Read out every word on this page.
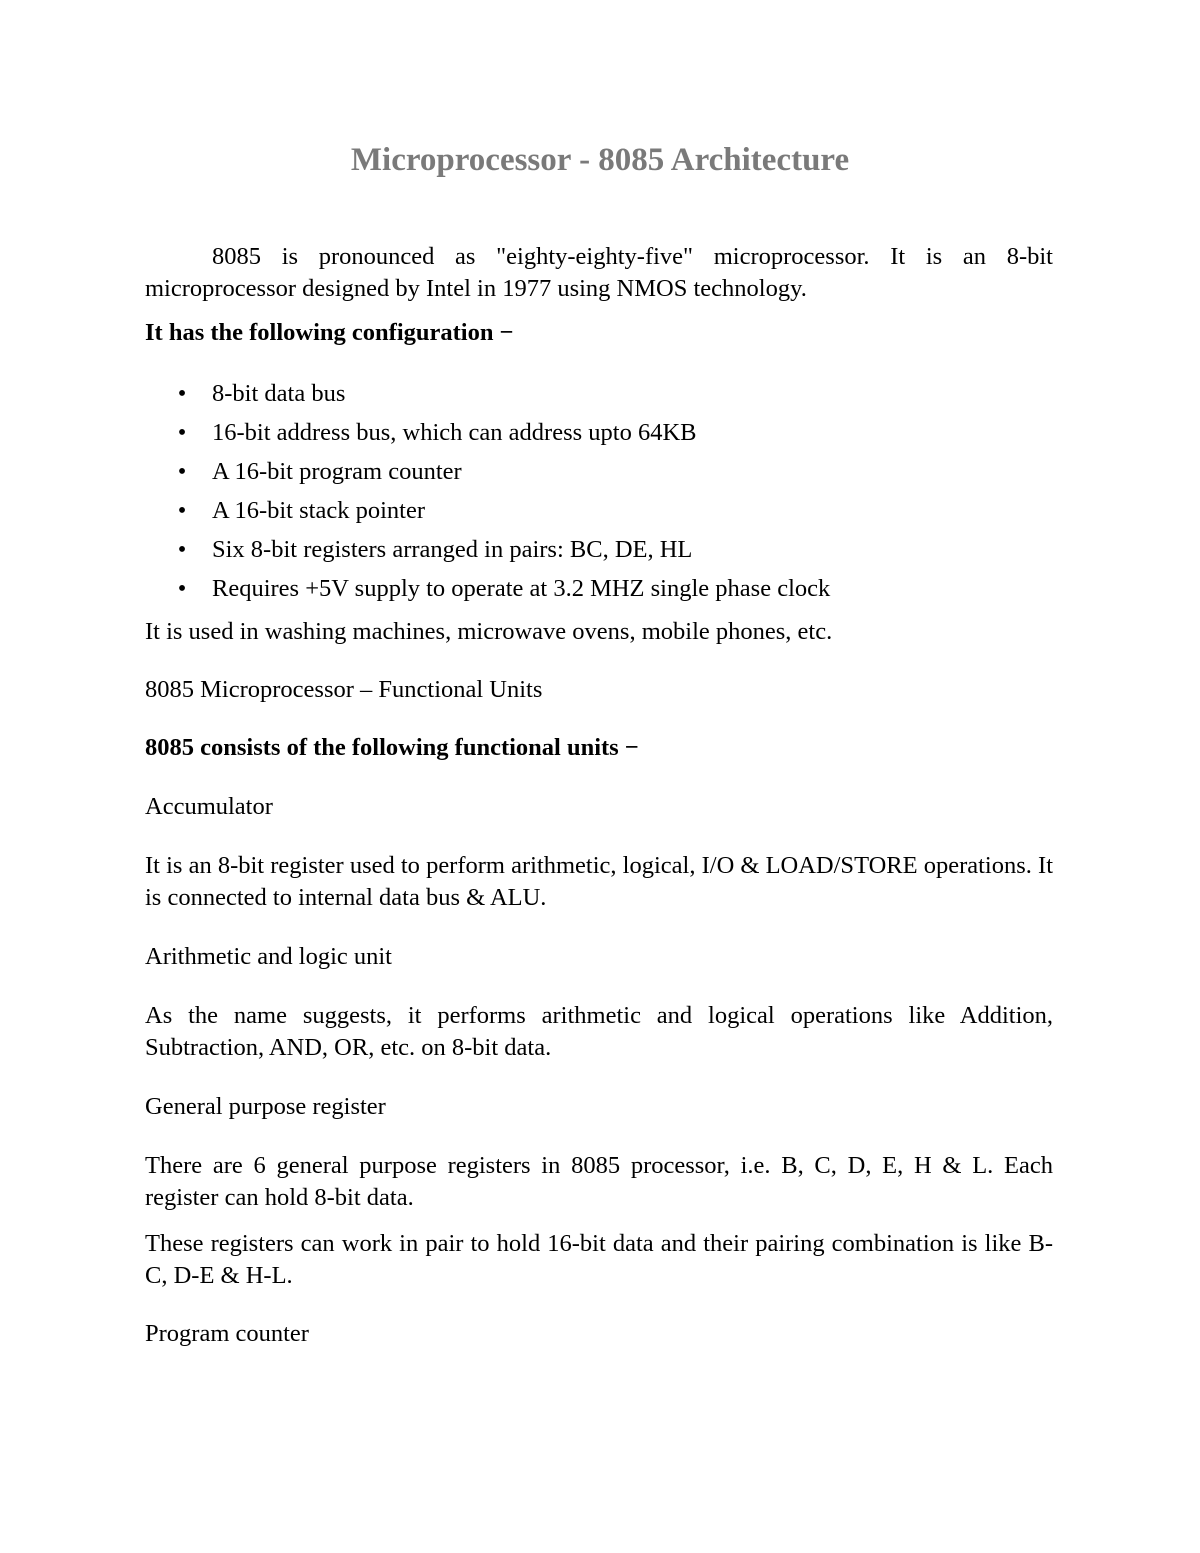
Microprocessor - 8085 Architecture
8085 is pronounced as "eighty-eighty-five" microprocessor. It is an 8-bit microprocessor designed by Intel in 1977 using NMOS technology.
It has the following configuration −
• 8-bit data bus
• 16-bit address bus, which can address upto 64KB
• A 16-bit program counter
• A 16-bit stack pointer
• Six 8-bit registers arranged in pairs: BC, DE, HL
• Requires +5V supply to operate at 3.2 MHZ single phase clock
It is used in washing machines, microwave ovens, mobile phones, etc.
8085 Microprocessor – Functional Units
8085 consists of the following functional units −
Accumulator
It is an 8-bit register used to perform arithmetic, logical, I/O & LOAD/STORE operations. It is connected to internal data bus & ALU.
Arithmetic and logic unit
As the name suggests, it performs arithmetic and logical operations like Addition, Subtraction, AND, OR, etc. on 8-bit data.
General purpose register
There are 6 general purpose registers in 8085 processor, i.e. B, C, D, E, H & L. Each register can hold 8-bit data.
These registers can work in pair to hold 16-bit data and their pairing combination is like B-C, D-E & H-L.
Program counter
